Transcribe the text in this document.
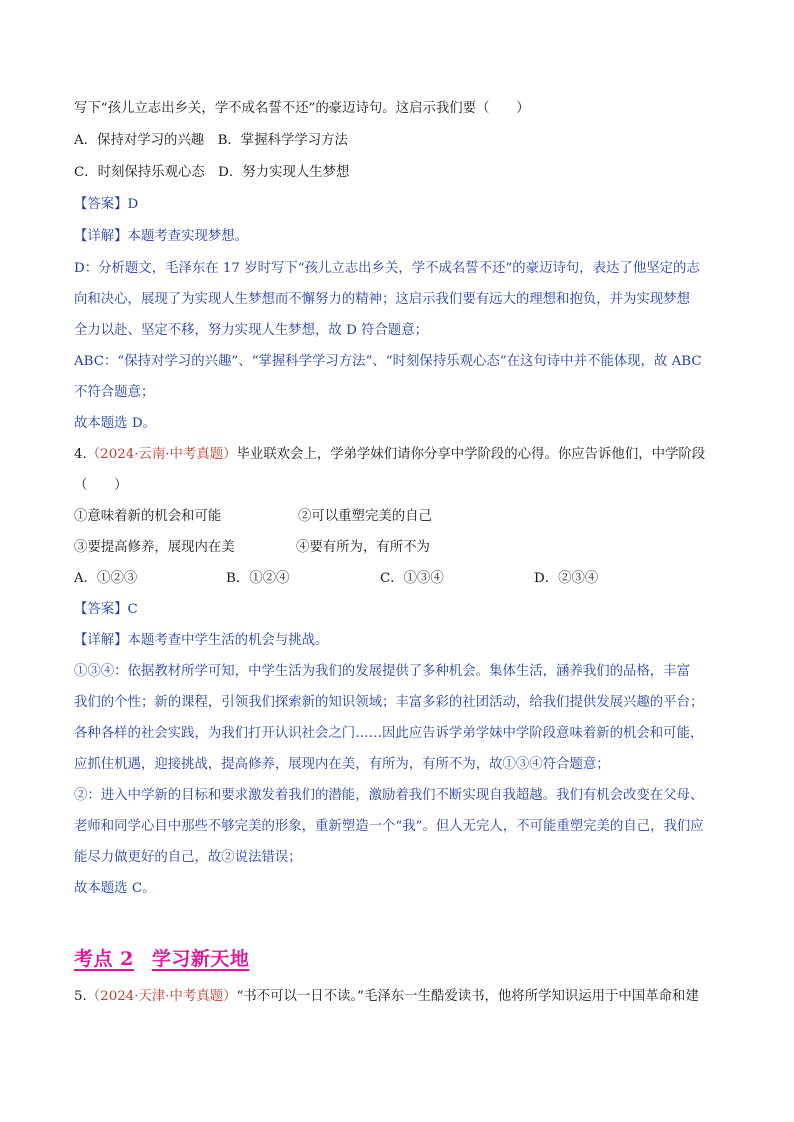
写下“孩儿立志出乡关，学不成名誓不还”的豪迈诗句。这启示我们要（　　）
A．保持对学习的兴趣　B．掌握科学学习方法
C．时刻保持乐观心态　D．努力实现人生梦想
【答案】D
【详解】本题考查实现梦想。
D：分析题文，毛泽东在 17 岁时写下“孩儿立志出乡关，学不成名誓不还”的豪迈诗句，表达了他坚定的志
向和决心，展现了为实现人生梦想而不懈努力的精神；这启示我们要有远大的理想和抱负，并为实现梦想
全力以赴、坚定不移，努力实现人生梦想，故 D 符合题意；
ABC：“保持对学习的兴趣”、“掌握科学学习方法”、“时刻保持乐观心态”在这句诗中并不能体现，故 ABC
不符合题意；
故本题选 D。
4.（2024·云南·中考真题）毕业联欢会上，学弟学妹们请你分享中学阶段的心得。你应告诉他们，中学阶段
（　　）
①意味着新的机会和可能	②可以重塑完美的自己
③要提高修养，展现内在美	④要有所为，有所不为
A．①②③	B．①②④	C．①③④	D．②③④
【答案】C
【详解】本题考查中学生活的机会与挑战。
①③④：依据教材所学可知，中学生活为我们的发展提供了多种机会。集体生活，涵养我们的品格，丰富
我们的个性；新的课程，引领我们探索新的知识领域；丰富多彩的社团活动，给我们提供发展兴趣的平台；
各种各样的社会实践，为我们打开认识社会之门……因此应告诉学弟学妹中学阶段意味着新的机会和可能，
应抓住机遇，迎接挑战，提高修养，展现内在美，有所为，有所不为，故①③④符合题意；
②：进入中学新的目标和要求激发着我们的潜能，激励着我们不断实现自我超越。我们有机会改变在父母、
老师和同学心目中那些不够完美的形象，重新塑造一个“我”。但人无完人，不可能重塑完美的自己，我们应
能尽力做更好的自己，故②说法错误；
故本题选 C。
考点 2 学习新天地
5.（2024·天津·中考真题）“书不可以一日不读。”毛泽东一生酷爱读书，他将所学知识运用于中国革命和建
